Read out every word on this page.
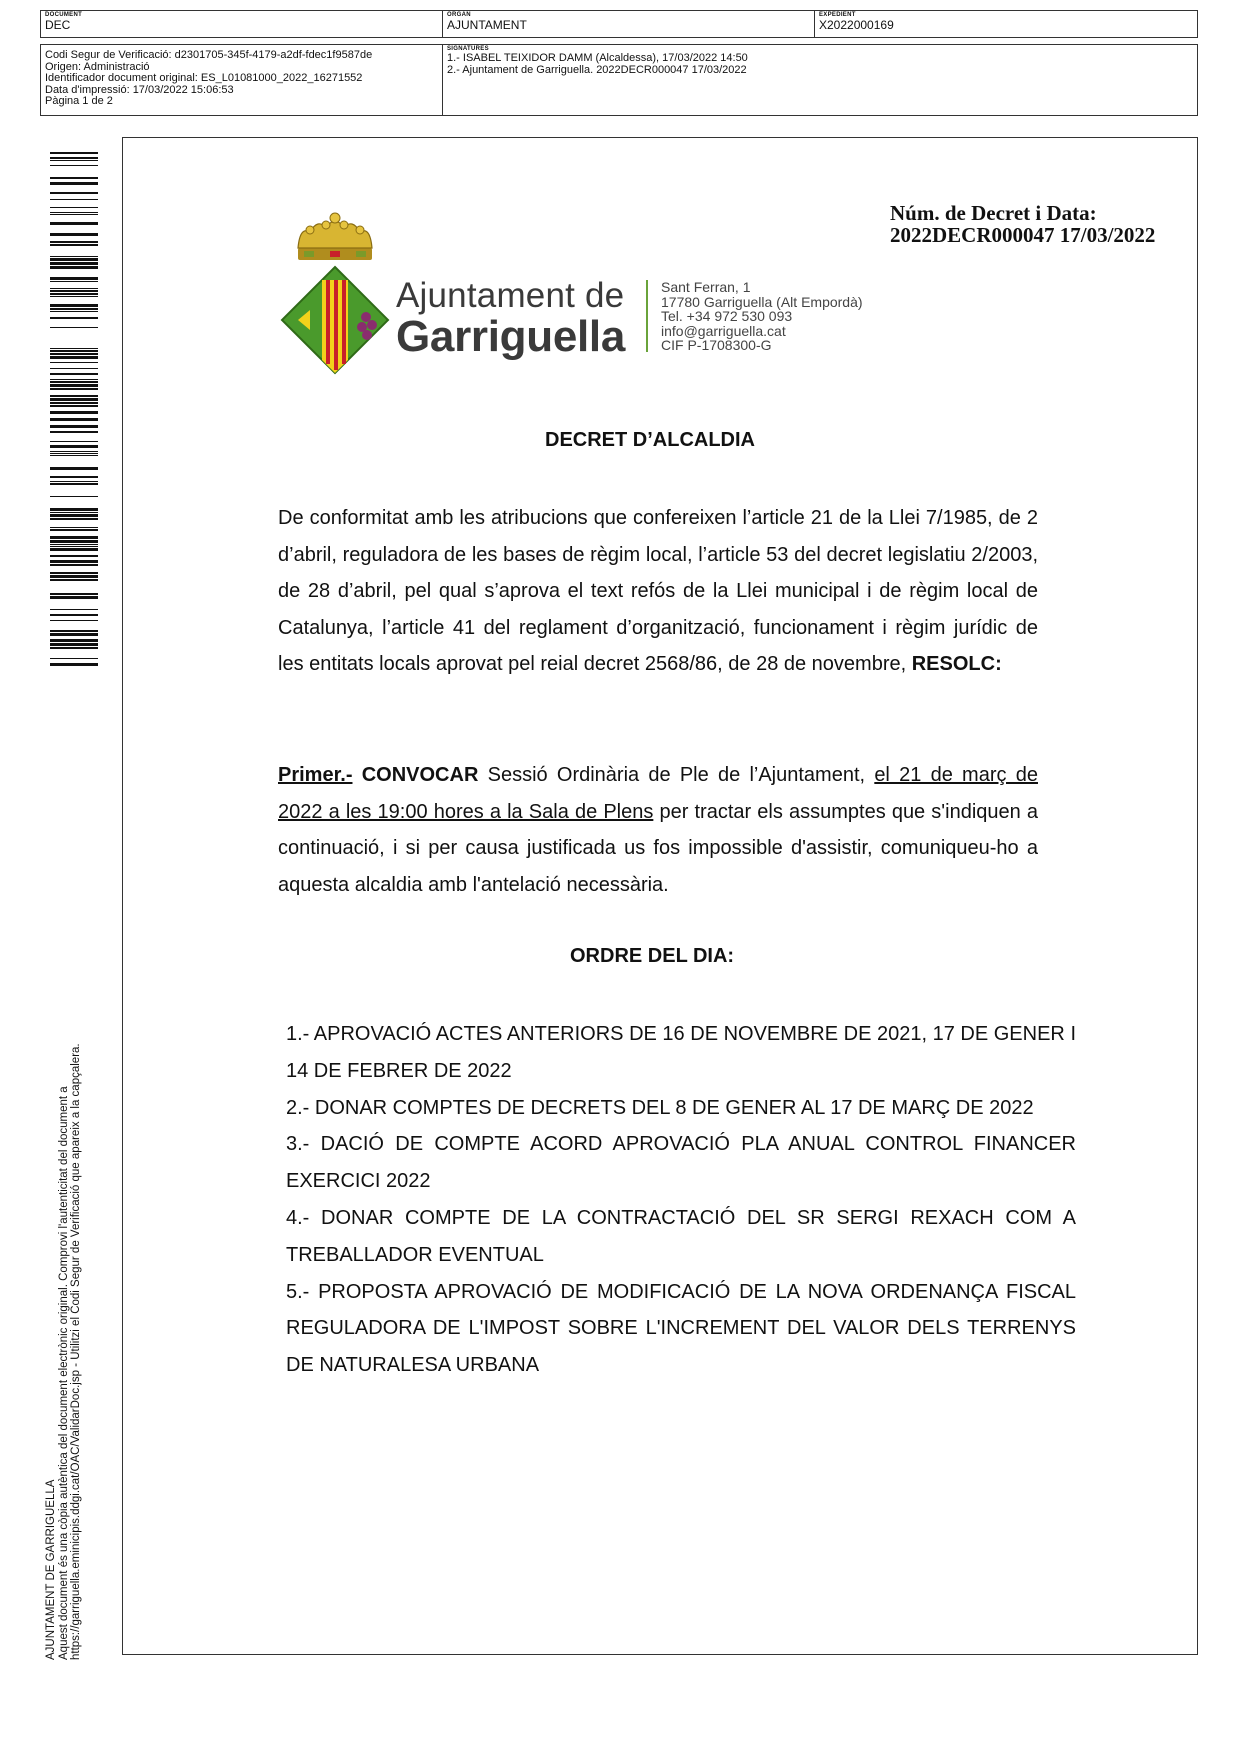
DOCUMENT
DEC
ORGAN
AJUNTAMENT
EXPEDIENT
X2022000169
Codi Segur de Verificació: d2301705-345f-4179-a2df-fdec1f9587de
Origen: Administració
Identificador document original: ES_L01081000_2022_16271552
Data d'impressió: 17/03/2022 15:06:53
Pàgina 1 de 2
SIGNATURES
1.- ISABEL TEIXIDOR DAMM (Alcaldessa), 17/03/2022 14:50
2.- Ajuntament de Garriguella. 2022DECR000047 17/03/2022
AJUNTAMENT DE GARRIGUELLA Aquest document és una còpia autèntica del document electrònic original. Comprovi l'autenticitat del document a https://garriguella.eminicipis.ddgi.cat/OAC/ValidarDoc.jsp - Utilitzi el Codi Segur de Verificació que apareix a la capçalera.
Ajuntament de
Garriguella
Sant Ferran, 1
17780 Garriguella (Alt Empordà)
Tel. +34 972 530 093
info@garriguella.cat
CIF P-1708300-G
Núm. de Decret i Data:
2022DECR000047 17/03/2022
DECRET D’ALCALDIA
De conformitat amb les atribucions que confereixen l’article 21 de la Llei 7/1985, de 2 d’abril, reguladora de les bases de règim local, l’article 53 del decret legislatiu 2/2003, de 28 d’abril, pel qual s’aprova el text refós de la Llei municipal i de règim local de Catalunya, l’article 41 del reglament d’organització, funcionament i règim jurídic de les entitats locals aprovat pel reial decret 2568/86, de 28 de novembre, RESOLC:
Primer.- CONVOCAR Sessió Ordinària de Ple de l’Ajuntament, el 21 de març de 2022 a les 19:00 hores a la Sala de Plens per tractar els assumptes que s'indiquen a continuació, i si per causa justificada us fos impossible d'assistir, comuniqueu-ho a aquesta alcaldia amb l'antelació necessària.
ORDRE DEL DIA:
1.- APROVACIÓ ACTES ANTERIORS DE 16 DE NOVEMBRE DE 2021, 17 DE GENER I 14 DE FEBRER DE 2022
2.- DONAR COMPTES DE DECRETS DEL 8 DE GENER AL 17 DE MARÇ DE 2022
3.- DACIÓ DE COMPTE ACORD APROVACIÓ PLA ANUAL CONTROL FINANCER EXERCICI 2022
4.- DONAR COMPTE DE LA CONTRACTACIÓ DEL SR SERGI REXACH COM A TREBALLADOR EVENTUAL
5.- PROPOSTA APROVACIÓ DE MODIFICACIÓ DE LA NOVA ORDENANÇA FISCAL REGULADORA DE L'IMPOST SOBRE L'INCREMENT DEL VALOR DELS TERRENYS DE NATURALESA URBANA
